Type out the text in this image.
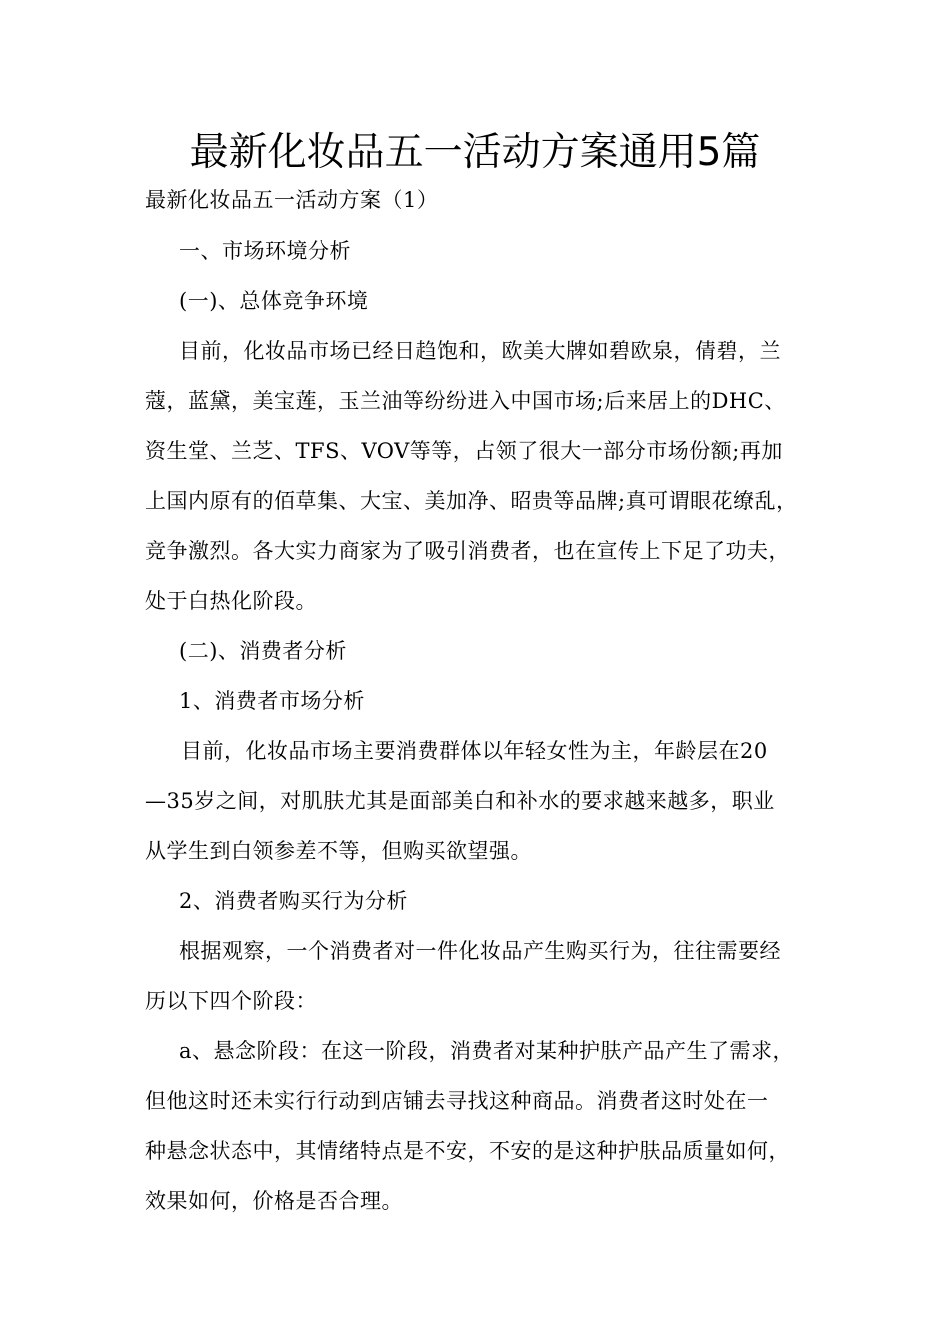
最新化妆品五一活动方案通用5篇
最新化妆品五一活动方案（1）
一、市场环境分析
(一)、总体竞争环境
目前，化妆品市场已经日趋饱和，欧美大牌如碧欧泉，倩碧，兰
蔻，蓝黛，美宝莲，玉兰油等纷纷进入中国市场;后来居上的DHC、
资生堂、兰芝、TFS、VOV等等，占领了很大一部分市场份额;再加
上国内原有的佰草集、大宝、美加净、昭贵等品牌;真可谓眼花缭乱，
竞争激烈。各大实力商家为了吸引消费者，也在宣传上下足了功夫，
处于白热化阶段。
(二)、消费者分析
1、消费者市场分析
目前，化妆品市场主要消费群体以年轻女性为主，年龄层在20
—35岁之间，对肌肤尤其是面部美白和补水的要求越来越多，职业
从学生到白领参差不等，但购买欲望强。
2、消费者购买行为分析
根据观察，一个消费者对一件化妆品产生购买行为，往往需要经
历以下四个阶段：
a、悬念阶段：在这一阶段，消费者对某种护肤产品产生了需求，
但他这时还未实行行动到店铺去寻找这种商品。消费者这时处在一
种悬念状态中，其情绪特点是不安，不安的是这种护肤品质量如何，
效果如何，价格是否合理。
